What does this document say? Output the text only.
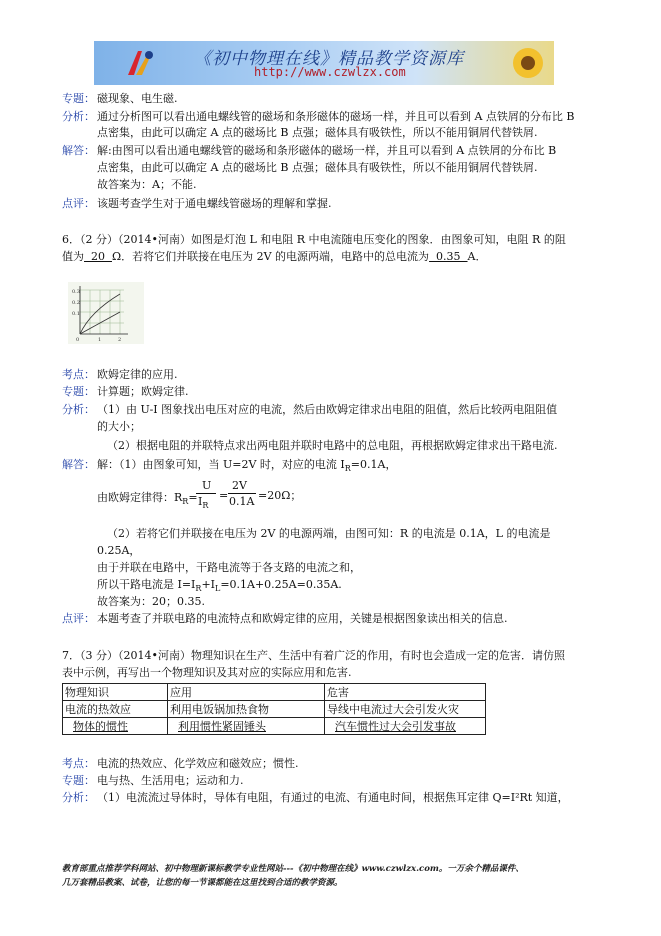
《初中物理在线》精品教学资源库
http://www.czwlzx.com
专题： 磁现象、电生磁.
分析： 通过分析图可以看出通电螺线管的磁场和条形磁体的磁场一样，并且可以看到 A 点铁屑的分布比 B
点密集，由此可以确定 A 点的磁场比 B 点强；磁体具有吸铁性，所以不能用铜屑代替铁屑.
解答： 解:由图可以看出通电螺线管的磁场和条形磁体的磁场一样，并且可以看到 A 点铁屑的分布比 B
点密集，由此可以确定 A 点的磁场比 B 点强；磁体具有吸铁性，所以不能用铜屑代替铁屑.
故答案为：A；不能.
点评： 该题考查学生对于通电螺线管磁场的理解和掌握.
6．（2 分）（2014•河南）如图是灯泡 L 和电阻 R 中电流随电压变化的图象．由图象可知，电阻 R 的阻
值为  20  Ω．若将它们并联接在电压为 2V 的电源两端，电路中的总电流为  0.35  A．
0.3
0.2
0.1
0	1	2
考点： 欧姆定律的应用.
专题： 计算题；欧姆定律.
分析： （1）由 U-I 图象找出电压对应的电流，然后由欧姆定律求出电阻的阻值，然后比较两电阻阻值
的大小；
（2）根据电阻的并联特点求出两电阻并联时电路中的总电阻，再根据欧姆定律求出干路电流.
解答： 解：（1）由图象可知，当 U=2V 时，对应的电流 $I_R=0.1A$，
由欧姆定律得：$R_R=$
U
$I_R$
=
2V
0.1A =20Ω；
（2）若将它们并联接在电压为 2V 的电源两端，由图可知：R 的电流是 0.1A，L 的电流是
0.25A，
由于并联在电路中，干路电流等于各支路的电流之和，
所以干路电流是 $I=I_R+I_L=0.1A+0.25A=0.35A$.
故答案为：20；0.35.
点评： 本题考查了并联电路的电流特点和欧姆定律的应用，关键是根据图象读出相关的信息.
7．（3 分）（2014•河南）物理知识在生产、生活中有着广泛的作用，有时也会造成一定的危害．请仿照
表中示例，再写出一个物理知识及其对应的实际应用和危害.
物理知识	应用	危害
电流的热效应	利用电饭锅加热食物	导线中电流过大会引发火灾
物体的惯性	利用惯性紧固锤头	汽车惯性过大会引发事故
考点： 电流的热效应、化学效应和磁效应；惯性.
专题： 电与热、生活用电；运动和力.
分析： （1）电流流过导体时，导体有电阻，有通过的电流、有通电时间，根据焦耳定律 Q=I²Rt 知道，
教育部重点推荐学科网站、初中物理新课标教学专业性网站---《初中物理在线》www.czwlzx.com。一万余个精品课件、
几万套精品教案、试卷，让您的每一节课都能在这里找到合适的教学资源。
